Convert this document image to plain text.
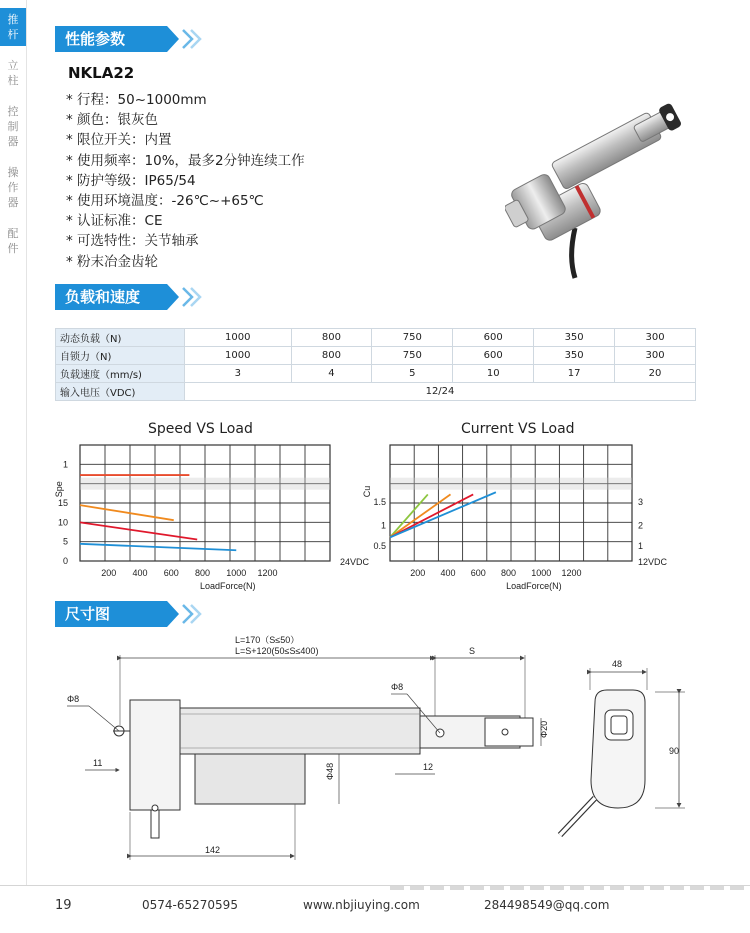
推
杆
立
柱
控
制
器
操
作
器
配
件
性能参数
NKLA22
* 行程：50~1000mm
* 颜色：银灰色
* 限位开关：内置
* 使用频率：10%，最多2分钟连续工作
* 防护等级：IP65/54
* 使用环境温度：-26℃~+65℃
* 认证标准：CE
* 可选特性：关节轴承
* 粉末冶金齿轮
负载和速度
动态负载（N)	1000	800	750	600	350	300
自锁力（N)	1000	800	750	600	350	300
负载速度（mm/s)	3	4	5	10	17	20
输入电压（VDC)	12/24					
Speed VS Load	Current VS Load
200 400 600 800 1000 1200
LoadForce(N)
Spe
0
5
10
15
1
200 400 600 800 1000 1200
LoadForce(N)
Cu
0.5
1
1.5
1
2
3
24VDC	12VDC
尺寸图
L=170（S≤50）
L=S+120(50≤S≤400)	S
Φ8
Φ8
11	12
Φ48
Φ20
142
48
90
19	0574-65270595	www.nbjiuying.com	284498549@qq.com
